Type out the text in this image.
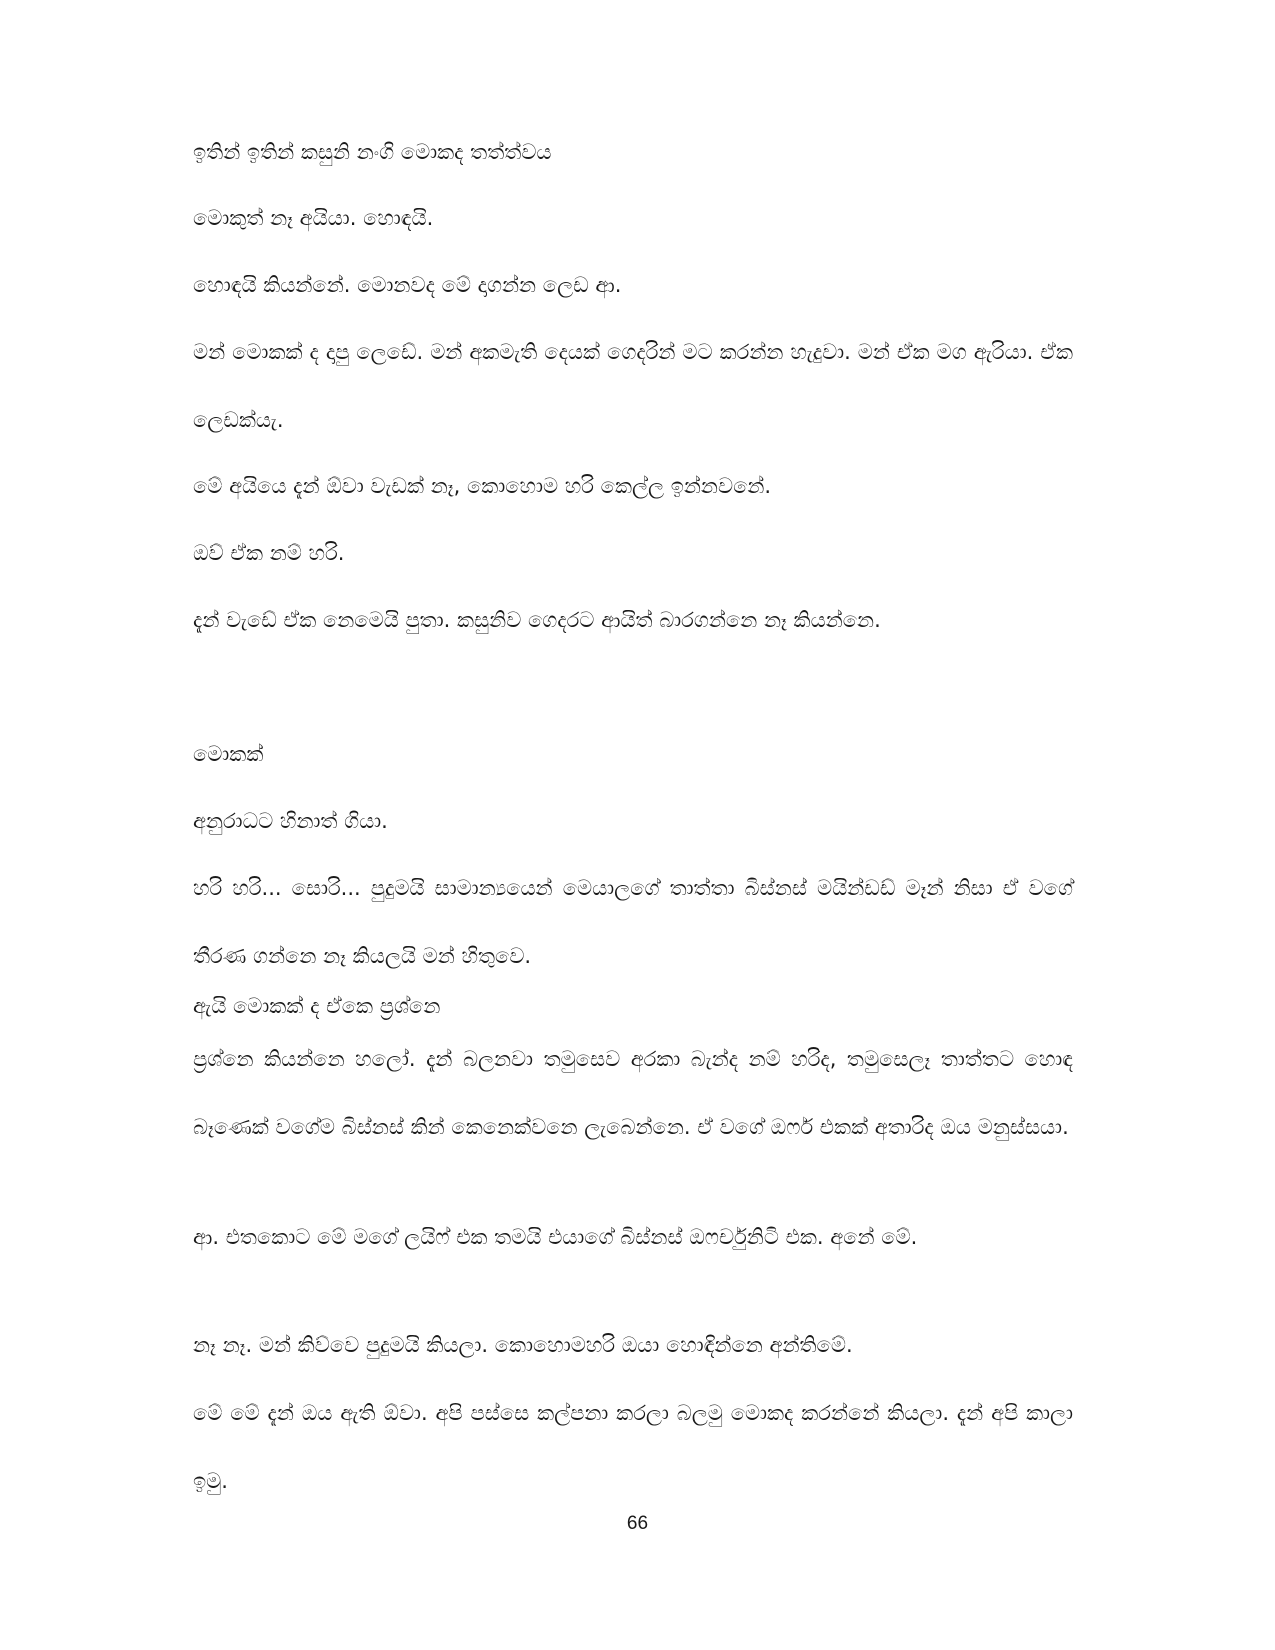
ඉතින් ඉතින් කසුනි නංගි මොකද තත්ත්වය

මොකුත් නෑ අයියා. හොඳයි.

හොඳයි කියන්නේ. මොනවද මේ දාගන්න ලෙඩ ආ.

මන් මොකක් ද දාපු ලෙඩේ. මන් අකමැති දෙයක් ගෙදරින් මට කරන්න හැදුවා. මන් ඒක මග ඇරියා. ඒක ලෙඩක්යැ.

මේ අයියෙ දැන් ඕවා වැඩක් නෑ, කොහොම හරි කෙල්ල ඉන්නවනේ.

ඔව් ඒක නම් හරි.

දැන් වැඩේ ඒක නෙමෙයි පුතා. කසුනිව ගෙදරට ආයිත් බාරගන්නෙ නෑ කියන්නෙ.

මොකක්

අනුරාධට හිනාත් ගියා.

හරි හරි... සොරි... පුදුමයි සාමාන්‍යයෙන් මෙයාලගේ තාත්තා බිස්නස් මයින්ඩඩ් මෑන් නිසා ඒ වගේ තීරණ ගන්නෙ නෑ කියලයි මන් හිතුවෙ.

ඇයි මොකක් ද ඒකෙ ප්‍රශ්නෙ

ප්‍රශ්නෙ කියන්නෙ හලෝ. දැන් බලනවා තමුසෙව අරකා බැන්ද නම් හරිද, තමුසෙලෑ තාත්තට හොඳ බෑණෙක් වගේම බිස්නස් කින් කෙනෙක්වනෙ ලැබෙන්නෙ. ඒ වගේ ඔෆර් එකක් අතාරිද ඔය මනුස්සයා.

ආ. එතකොට මේ මගේ ලයිෆ් එක තමයි එයාගේ බිස්නස් ඔෆර්චුනිටි එක. අනේ මේ.

නෑ නෑ. මන් කිව්වෙ පුදුමයි කියලා. කොහොමහරි ඔයා හොඳින්නෙ අන්තිමේ.

මේ මේ දැන් ඔය ඇති ඕවා. අපි පස්සෙ කල්පනා කරලා බලමු මොකද කරන්නේ කියලා. දැන් අපි කාලා ඉමු.

66
